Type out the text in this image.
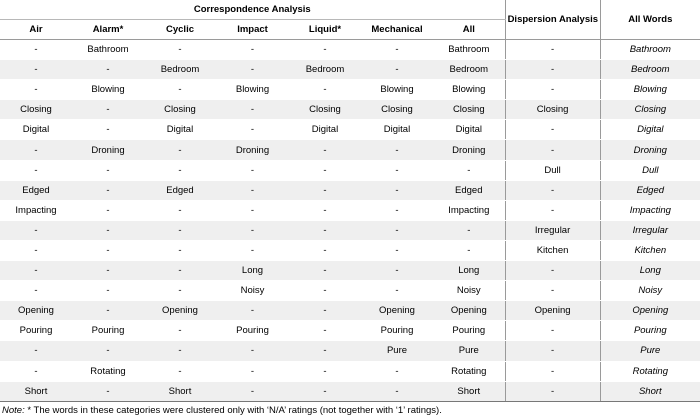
Correspondence Analysis							Dispersion Analysis	All Words
Air	Alarm*	Cyclic	Impact	Liquid*	Mechanical	All		
-	Bathroom	-	-	-	-	Bathroom	-	Bathroom
-	-	Bedroom	-	Bedroom	-	Bedroom	-	Bedroom
-	Blowing	-	Blowing	-	Blowing	Blowing	-	Blowing
Closing	-	Closing	-	Closing	Closing	Closing	Closing	Closing
Digital	-	Digital	-	Digital	Digital	Digital	-	Digital
-	Droning	-	Droning	-	-	Droning	-	Droning
-	-	-	-	-	-	-	Dull	Dull
Edged	-	Edged	-	-	-	Edged	-	Edged
Impacting	-	-	-	-	-	Impacting	-	Impacting
-	-	-	-	-	-	-	Irregular	Irregular
-	-	-	-	-	-	-	Kitchen	Kitchen
-	-	-	Long	-	-	Long	-	Long
-	-	-	Noisy	-	-	Noisy	-	Noisy
Opening	-	Opening	-	-	Opening	Opening	Opening	Opening
Pouring	Pouring	-	Pouring	-	Pouring	Pouring	-	Pouring
-	-	-	-	-	Pure	Pure	-	Pure
-	Rotating	-	-	-	-	Rotating	-	Rotating
Short	-	Short	-	-	-	Short	-	Short
Note: * The words in these categories were clustered only with ‘N/A’ ratings (not together with ‘1’ ratings).
